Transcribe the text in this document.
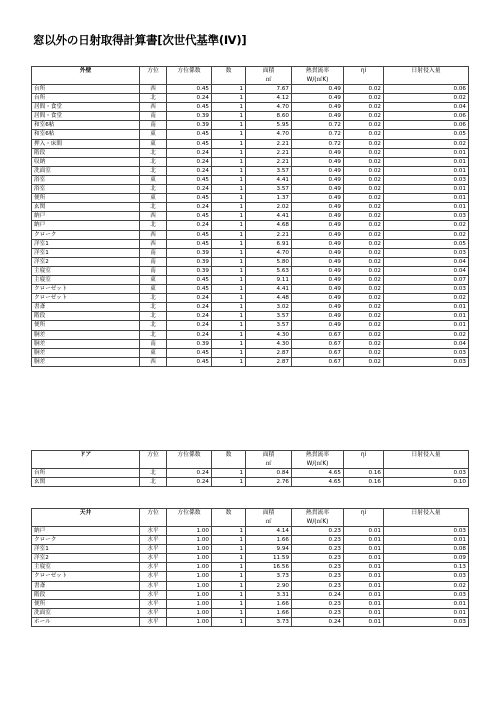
窓以外の日射取得計算書[次世代基準(Ⅳ)]
外壁	方位	方位係数	数	面積	熱貫流率	ηi	日射侵入量
				㎡	W/(㎡K)		
台所	西	0.45	1	7.67	0.49	0.02	0.06
台所	北	0.24	1	4.12	0.49	0.02	0.02
居間・食堂	西	0.45	1	4.70	0.49	0.02	0.04
居間・食堂	南	0.39	1	8.60	0.49	0.02	0.06
和室6帖	南	0.39	1	5.95	0.72	0.02	0.06
和室6帖	東	0.45	1	4.70	0.72	0.02	0.05
押入・床間	東	0.45	1	2.21	0.72	0.02	0.02
階段	北	0.24	1	2.21	0.49	0.02	0.01
収納	北	0.24	1	2.21	0.49	0.02	0.01
洗面室	北	0.24	1	3.57	0.49	0.02	0.01
浴室	東	0.45	1	4.41	0.49	0.02	0.03
浴室	北	0.24	1	3.57	0.49	0.02	0.01
便所	東	0.45	1	1.37	0.49	0.02	0.01
玄関	北	0.24	1	2.02	0.49	0.02	0.01
納戸	西	0.45	1	4.41	0.49	0.02	0.03
納戸	北	0.24	1	4.68	0.49	0.02	0.02
クローク	西	0.45	1	2.21	0.49	0.02	0.02
洋室1	西	0.45	1	6.91	0.49	0.02	0.05
洋室1	南	0.39	1	4.70	0.49	0.02	0.03
洋室2	南	0.39	1	5.80	0.49	0.02	0.04
主寝室	南	0.39	1	5.63	0.49	0.02	0.04
主寝室	東	0.45	1	9.11	0.49	0.02	0.07
クローゼット	東	0.45	1	4.41	0.49	0.02	0.03
クローゼット	北	0.24	1	4.48	0.49	0.02	0.02
書斎	北	0.24	1	3.02	0.49	0.02	0.01
階段	北	0.24	1	3.57	0.49	0.02	0.01
便所	北	0.24	1	3.57	0.49	0.02	0.01
胴差	北	0.24	1	4.30	0.67	0.02	0.02
胴差	南	0.39	1	4.30	0.67	0.02	0.04
胴差	東	0.45	1	2.87	0.67	0.02	0.03
胴差	西	0.45	1	2.87	0.67	0.02	0.03
ドア	方位	方位係数	数	面積	熱貫流率	ηi	日射侵入量
				㎡	W/(㎡K)		
台所	北	0.24	1	0.84	4.65	0.16	0.03
玄関	北	0.24	1	2.76	4.65	0.16	0.10
天井	方位	方位係数	数	面積	熱貫流率	ηi	日射侵入量
				㎡	W/(㎡K)		
納戸	水平	1.00	1	4.14	0.23	0.01	0.03
クローク	水平	1.00	1	1.66	0.23	0.01	0.01
洋室1	水平	1.00	1	9.94	0.23	0.01	0.08
洋室2	水平	1.00	1	11.59	0.23	0.01	0.09
主寝室	水平	1.00	1	16.56	0.23	0.01	0.13
クローゼット	水平	1.00	1	3.73	0.23	0.01	0.03
書斎	水平	1.00	1	2.90	0.23	0.01	0.02
階段	水平	1.00	1	3.31	0.24	0.01	0.03
便所	水平	1.00	1	1.66	0.23	0.01	0.01
洗面室	水平	1.00	1	1.66	0.23	0.01	0.01
ホール	水平	1.00	1	3.73	0.24	0.01	0.03
